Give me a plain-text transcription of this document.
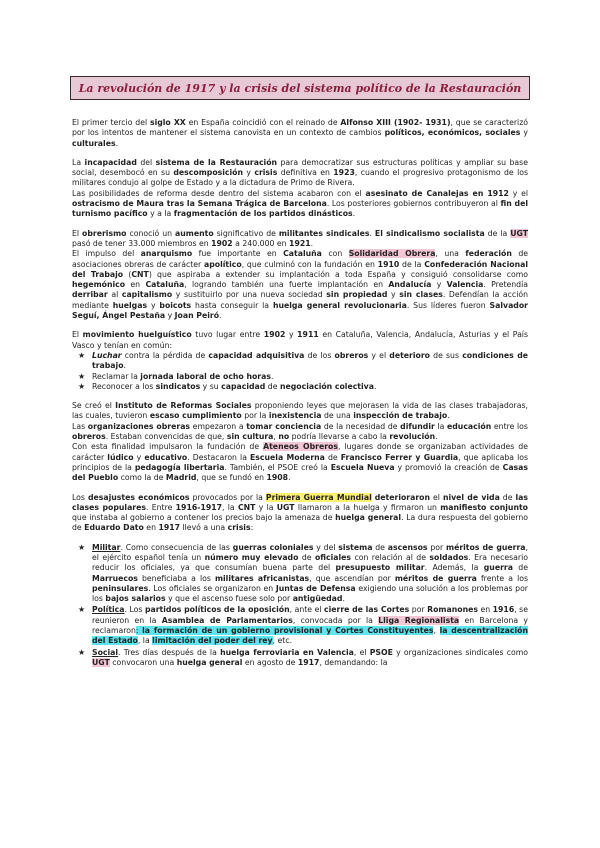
La revolución de 1917 y la crisis del sistema político de la Restauración

El primer tercio del siglo XX en España coincidió con el reinado de Alfonso XIII (1902- 1931), que se caracterizó por los intentos de mantener el sistema canovista en un contexto de cambios políticos, económicos, sociales y culturales.

La incapacidad del sistema de la Restauración para democratizar sus estructuras políticas y ampliar su base social, desembocó en su descomposición y crisis definitiva en 1923, cuando el progresivo protagonismo de los militares condujo al golpe de Estado y a la dictadura de Primo de Rivera.
Las posibilidades de reforma desde dentro del sistema acabaron con el asesinato de Canalejas en 1912 y el ostracismo de Maura tras la Semana Trágica de Barcelona. Los posteriores gobiernos contribuyeron al fin del turnismo pacífico y a la fragmentación de los partidos dinásticos.

El obrerismo conoció un aumento significativo de militantes sindicales. El sindicalismo socialista de la UGT pasó de tener 33.000 miembros en 1902 a 240.000 en 1921.
El impulso del anarquismo fue importante en Cataluña con Solidaridad Obrera, una federación de asociaciones obreras de carácter apolítico, que culminó con la fundación en 1910 de la Confederación Nacional del Trabajo (CNT) que aspiraba a extender su implantación a toda España y consiguió consolidarse como hegemónico en Cataluña, logrando también una fuerte implantación en Andalucía y Valencia. Pretendía derribar al capitalismo y sustituirlo por una nueva sociedad sin propiedad y sin clases. Defendían la acción mediante huelgas y boicots hasta conseguir la huelga general revolucionaria. Sus líderes fueron Salvador Seguí, Ángel Pestaña y Joan Peiró.

El movimiento huelguístico tuvo lugar entre 1902 y 1911 en Cataluña, Valencia, Andalucía, Asturias y el País Vasco y tenían en común:

★ Luchar contra la pérdida de capacidad adquisitiva de los obreros y el deterioro de sus condiciones de trabajo.
★ Reclamar la jornada laboral de ocho horas.
★ Reconocer a los sindicatos y su capacidad de negociación colectiva.

Se creó el Instituto de Reformas Sociales proponiendo leyes que mejorasen la vida de las clases trabajadoras, las cuales, tuvieron escaso cumplimiento por la inexistencia de una inspección de trabajo.
Las organizaciones obreras empezaron a tomar conciencia de la necesidad de difundir la educación entre los obreros. Estaban convencidas de que, sin cultura, no podría llevarse a cabo la revolución.
Con esta finalidad impulsaron la fundación de Ateneos Obreros, lugares donde se organizaban actividades de carácter lúdico y educativo. Destacaron la Escuela Moderna de Francisco Ferrer y Guardia, que aplicaba los principios de la pedagogía libertaria. También, el PSOE creó la Escuela Nueva y promovió la creación de Casas del Pueblo como la de Madrid, que se fundó en 1908.

Los desajustes económicos provocados por la Primera Guerra Mundial deterioraron el nivel de vida de las clases populares. Entre 1916-1917, la CNT y la UGT llamaron a la huelga y firmaron un manifiesto conjunto que instaba al gobierno a contener los precios bajo la amenaza de huelga general. La dura respuesta del gobierno de Eduardo Dato en 1917 llevó a una crisis:

★ Militar. Como consecuencia de las guerras coloniales y del sistema de ascensos por méritos de guerra, el ejército español tenía un número muy elevado de oficiales con relación al de soldados. Era necesario reducir los oficiales, ya que consumían buena parte del presupuesto militar. Además, la guerra de Marruecos beneficiaba a los militares africanistas, que ascendían por méritos de guerra frente a los peninsulares. Los oficiales se organizaron en Juntas de Defensa exigiendo una solución a los problemas por los bajos salarios y que el ascenso fuese solo por antigüedad.
★ Política. Los partidos políticos de la oposición, ante el cierre de las Cortes por Romanones en 1916, se reunieron en la Asamblea de Parlamentarios, convocada por la Lliga Regionalista en Barcelona y reclamaron: la formación de un gobierno provisional y Cortes Constituyentes, la descentralización del Estado, la limitación del poder del rey, etc.
★ Social. Tres días después de la huelga ferroviaria en Valencia, el PSOE y organizaciones sindicales como UGT convocaron una huelga general en agosto de 1917, demandando: la
